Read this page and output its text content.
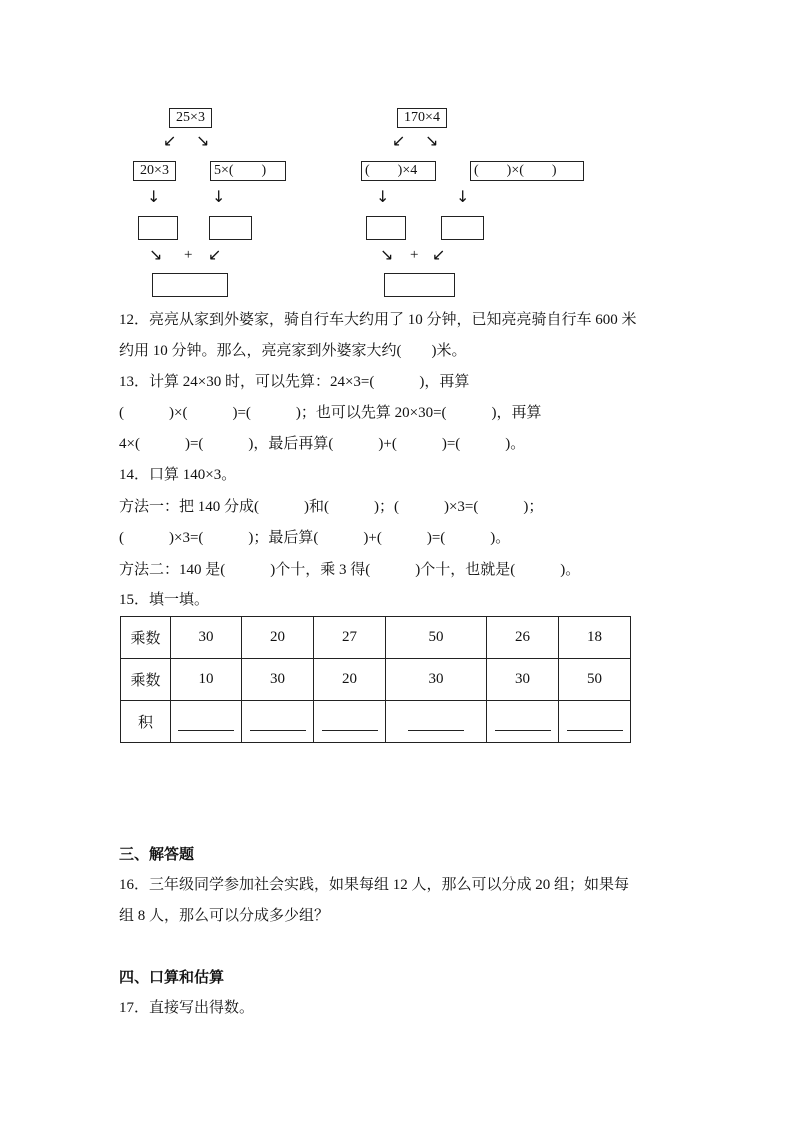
25×3
↙ ↘
20×3	5×(　　)
↓	↓
↘ + ↙
170×4
↙ ↘
(　　)×4	(　　)×(　　)
↓	↓
↘ + ↙
12．亮亮从家到外婆家，骑自行车大约用了 10 分钟，已知亮亮骑自行车 600 米
约用 10 分钟。那么，亮亮家到外婆家大约(　　)米。
13．计算 24×30 时，可以先算：24×3=(　　　)，再算
(　　　)×(　　　)=(　　　)；也可以先算 20×30=(　　　)，再算
4×(　　　)=(　　　)，最后再算(　　　)+(　　　)=(　　　)。
14．口算 140×3。
方法一：把 140 分成(　　　)和(　　　)；(　　　)×3=(　　　)；
(　　　)×3=(　　　)；最后算(　　　)+(　　　)=(　　　)。
方法二：140 是(　　　)个十，乘 3 得(　　　)个十，也就是(　　　)。
15．填一填。
乘数	30	20	27	50	26	18
乘数	10	30	20	30	30	50
积						
三、解答题
16．三年级同学参加社会实践，如果每组 12 人，那么可以分成 20 组；如果每
组 8 人，那么可以分成多少组？
四、口算和估算
17．直接写出得数。
